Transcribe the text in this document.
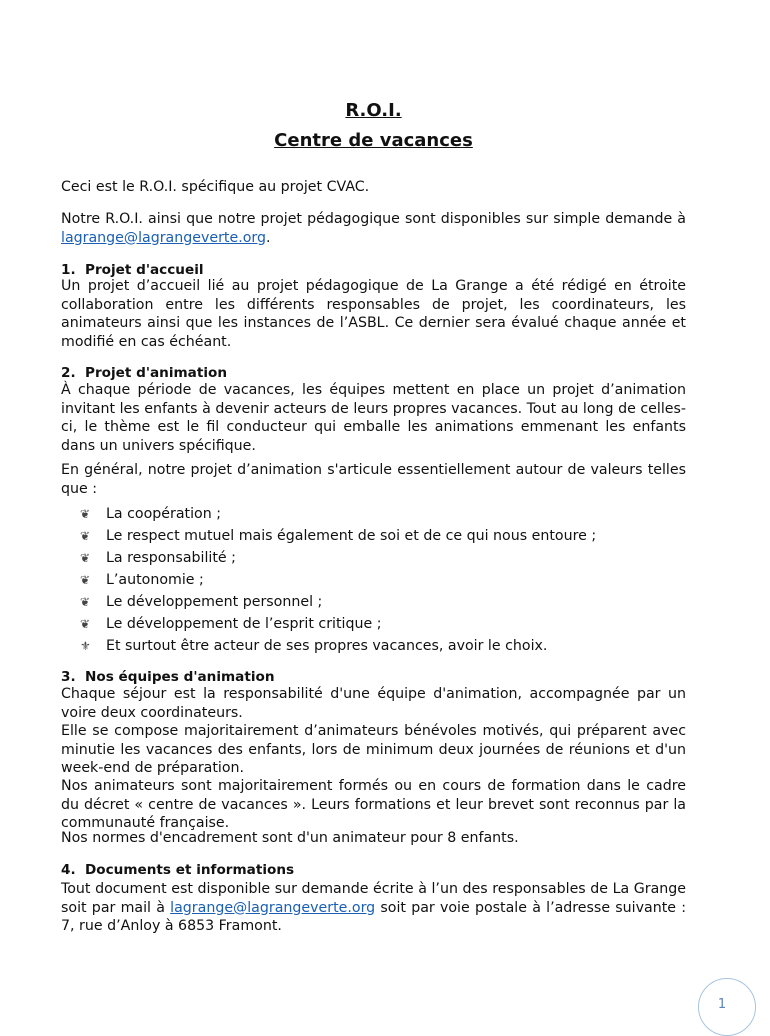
R.O.I.
Centre de vacances
Ceci est le R.O.I. spécifique au projet CVAC.
Notre R.O.I. ainsi que notre projet pédagogique sont disponibles sur simple demande à lagrange@lagrangeverte.org.
1. Projet d'accueil
Un projet d’accueil lié au projet pédagogique de La Grange a été rédigé en étroite collaboration entre les différents responsables de projet, les coordinateurs, les animateurs ainsi que les instances de l’ASBL. Ce dernier sera évalué chaque année et modifié en cas échéant.
2. Projet d'animation
À chaque période de vacances, les équipes mettent en place un projet d’animation invitant les enfants à devenir acteurs de leurs propres vacances. Tout au long de celles-ci, le thème est le fil conducteur qui emballe les animations emmenant les enfants dans un univers spécifique.
En général, notre projet d’animation s'articule essentiellement autour de valeurs telles que :
❦ La coopération ;
❦ Le respect mutuel mais également de soi et de ce qui nous entoure ;
❦ La responsabilité ;
❦ L’autonomie ;
❦ Le développement personnel ;
❦ Le développement de l’esprit critique ;
⚜ Et surtout être acteur de ses propres vacances, avoir le choix.
3. Nos équipes d'animation
Chaque séjour est la responsabilité d'une équipe d'animation, accompagnée par un voire deux coordinateurs.
Elle se compose majoritairement d’animateurs bénévoles motivés, qui préparent avec minutie les vacances des enfants, lors de minimum deux journées de réunions et d'un week-end de préparation.
Nos animateurs sont majoritairement formés ou en cours de formation dans le cadre du décret « centre de vacances ». Leurs formations et leur brevet sont reconnus par la communauté française.
Nos normes d'encadrement sont d'un animateur pour 8 enfants.
4. Documents et informations
Tout document est disponible sur demande écrite à l’un des responsables de La Grange soit par mail à lagrange@lagrangeverte.org soit par voie postale à l’adresse suivante : 7, rue d’Anloy à 6853 Framont.
1
